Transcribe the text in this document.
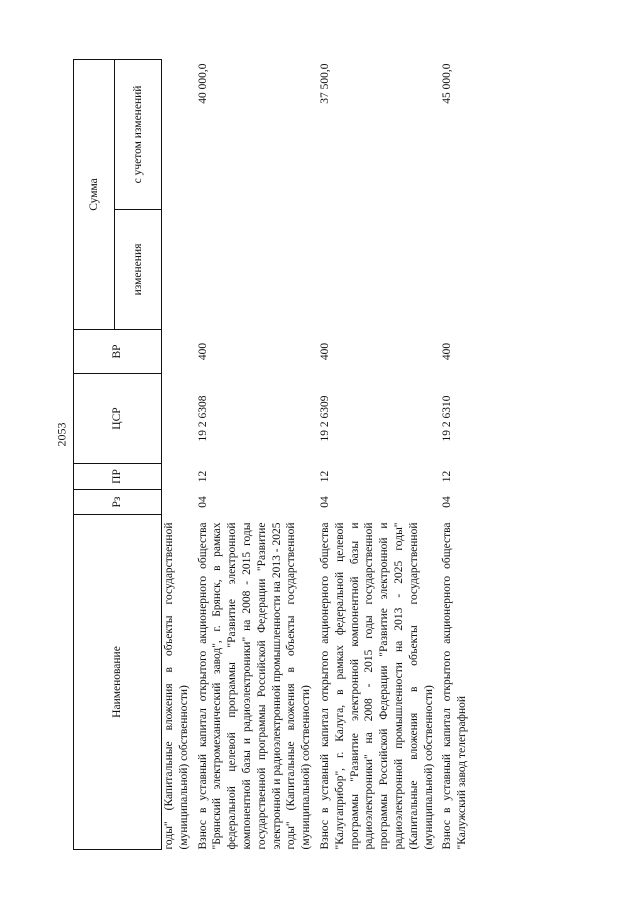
2053
Наименование	Рз	ПР	ЦСР	ВР	Сумма	
					изменения	с учетом изменений
годы" (Капитальные вложения в объекты государственной (муниципальной) собственности)						
Взнос в уставный капитал открытого акционерного общества "Брянский электромеханический завод", г. Брянск, в рамках федеральной целевой программы "Развитие электронной компонентной базы и радиоэлектроники" на 2008 - 2015 годы государственной программы Российской Федерации "Развитие электронной и радиоэлектронной промышленности на 2013 - 2025 годы" (Капитальные вложения в объекты государственной (муниципальной) собственности)	04	12	19 2 6308	400		40 000,0
Взнос в уставный капитал открытого акционерного общества "Калугаприбор", г. Калуга, в рамках федеральной целевой программы "Развитие электронной компонентной базы и радиоэлектроники" на 2008 - 2015 годы государственной программы Российской Федерации "Развитие электронной и радиоэлектронной промышленности на 2013 - 2025 годы" (Капитальные вложения в объекты государственной (муниципальной) собственности)	04	12	19 2 6309	400		37 500,0
Взнос в уставный капитал открытого акционерного общества "Калужский завод телеграфной	04	12	19 2 6310	400		45 000,0
